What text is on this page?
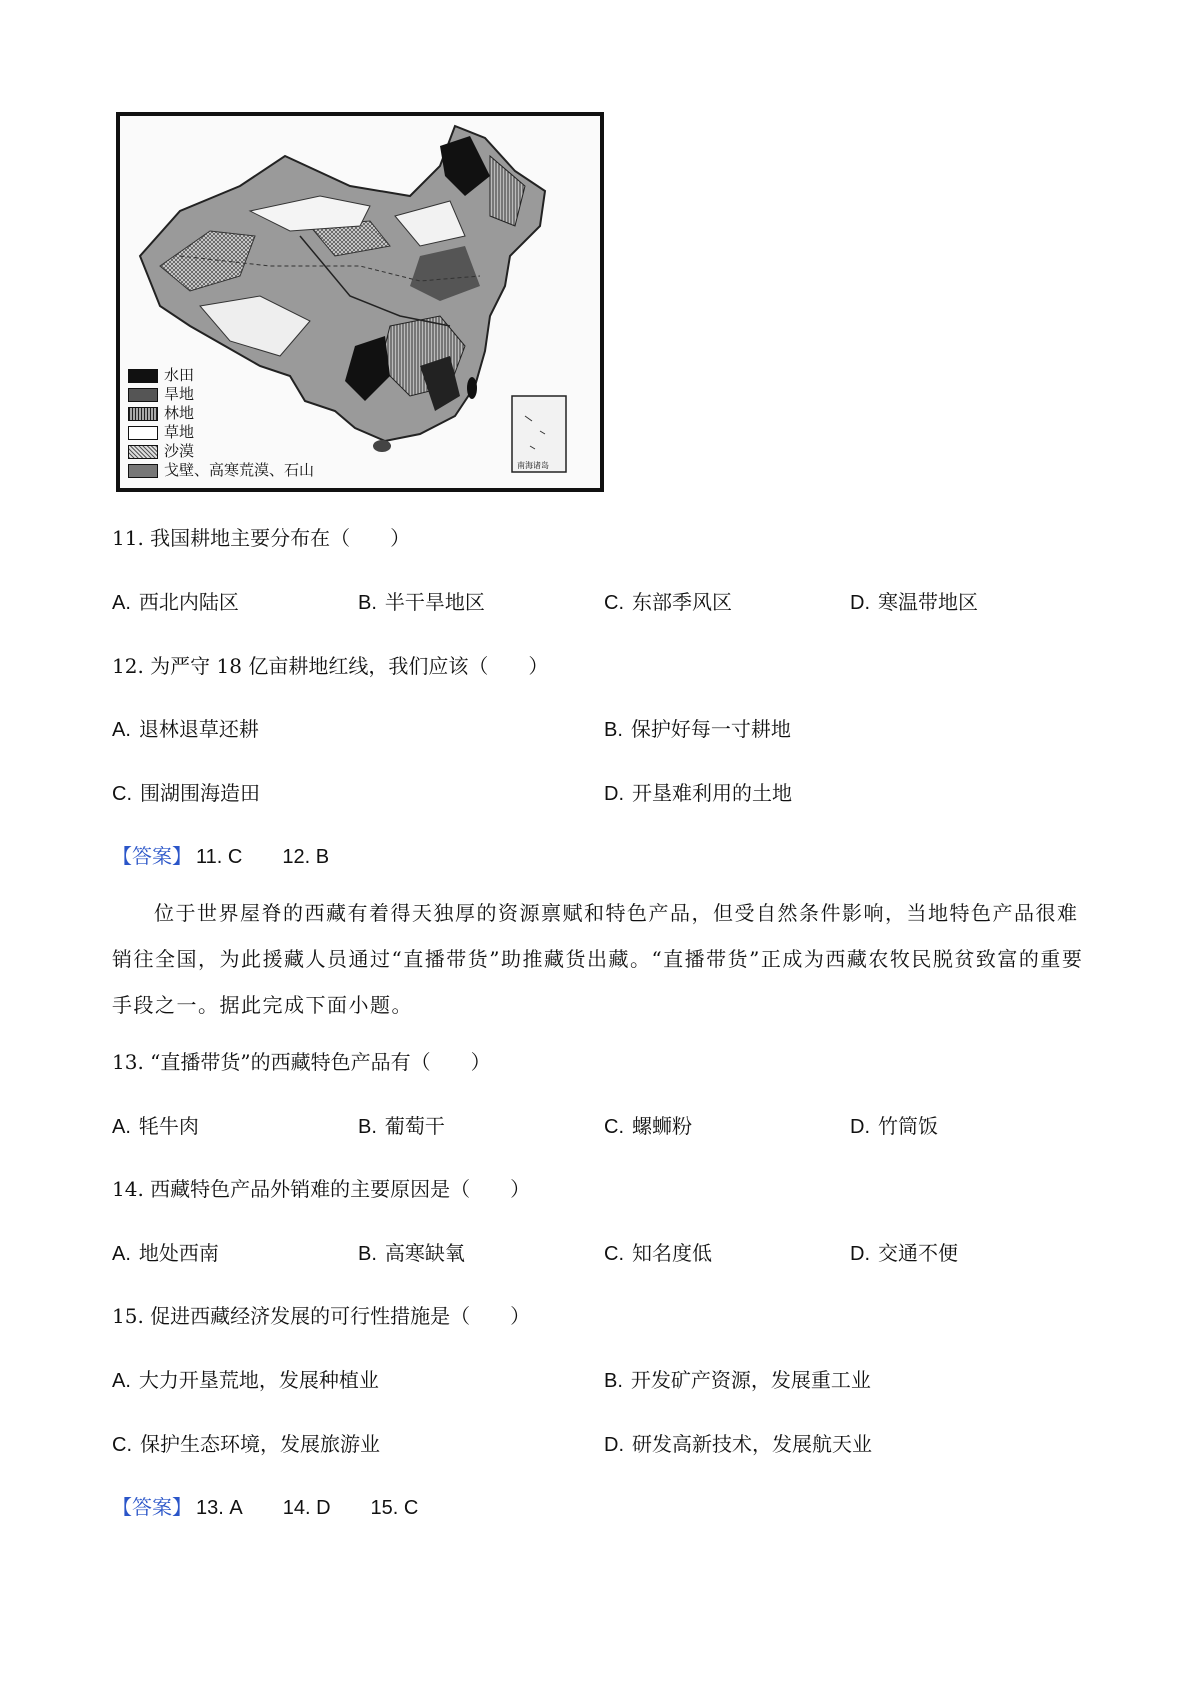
南海诸岛
水田
旱地
林地
草地
沙漠
戈壁、高寒荒漠、石山
11. 我国耕地主要分布在（　　）
A. 西北内陆区	B. 半干旱地区	C. 东部季风区	D. 寒温带地区
12. 为严守 18 亿亩耕地红线，我们应该（　　）
A. 退林退草还耕	B. 保护好每一寸耕地
C. 围湖围海造田	D. 开垦难利用的土地
【答案】 11. C 12. B
位于世界屋脊的西藏有着得天独厚的资源禀赋和特色产品，但受自然条件影响，当地特色产品很难销往全国，为此援藏人员通过“直播带货”助推藏货出藏。“直播带货”正成为西藏农牧民脱贫致富的重要手段之一。据此完成下面小题。
13. “直播带货”的西藏特色产品有（　　）
A. 牦牛肉	B. 葡萄干	C. 螺蛳粉	D. 竹筒饭
14. 西藏特色产品外销难的主要原因是（　　）
A. 地处西南	B. 高寒缺氧	C. 知名度低	D. 交通不便
15. 促进西藏经济发展的可行性措施是（　　）
A. 大力开垦荒地，发展种植业	B. 开发矿产资源，发展重工业
C. 保护生态环境，发展旅游业	D. 研发高新技术，发展航天业
【答案】 13. A 14. D 15. C
